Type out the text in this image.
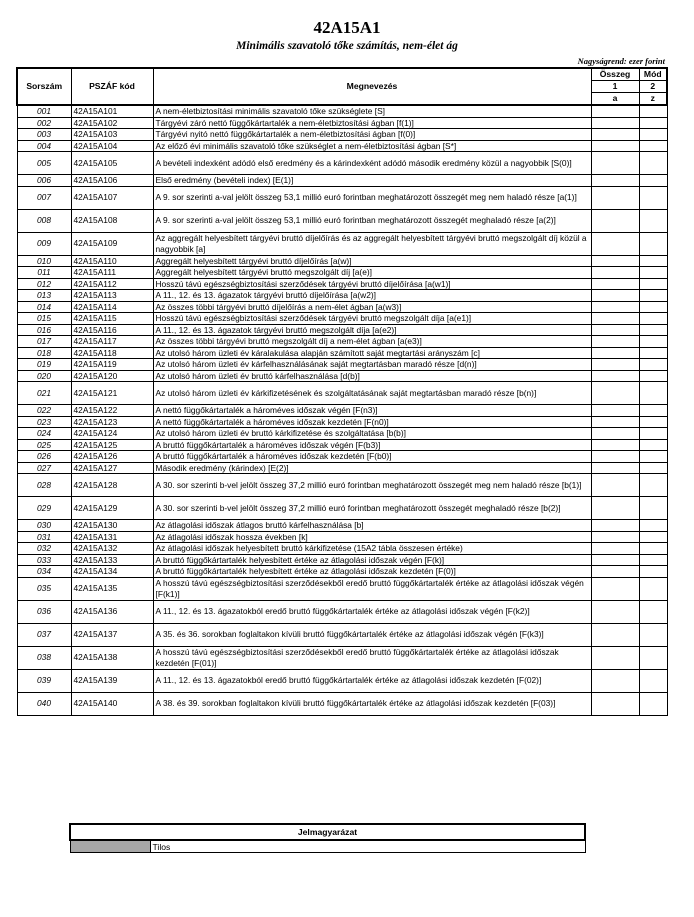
42A15A1
Minimális szavatoló tőke számítás, nem-élet ág
Nagyságrend: ezer forint
Sorszám	PSZÁF kód	Megnevezés	Összeg	Mód
			1	2
			a	z
001	42A15A101	A nem-életbiztosítási minimális szavatoló tőke szükséglete [S]		
002	42A15A102	Tárgyévi záró nettó függőkártartalék a nem-életbiztosítási ágban [f(1)]		
003	42A15A103	Tárgyévi nyitó nettó függőkártartalék a nem-életbiztosítási ágban [f(0)]		
004	42A15A104	Az előző évi minimális szavatoló tőke szükséglet a nem-életbiztosítási ágban [S*]		
005	42A15A105	A bevételi indexként adódó első eredmény és a kárindexként adódó második eredmény közül a nagyobbik [S(0)]		
006	42A15A106	Első eredmény (bevételi index) [E(1)]		
007	42A15A107	A 9. sor szerinti a-val jelölt összeg 53,1 millió euró forintban meghatározott összegét meg nem haladó része [a(1)]		
008	42A15A108	A 9. sor szerinti a-val jelölt összeg 53,1 millió euró forintban meghatározott összegét meghaladó része [a(2)]		
009	42A15A109	Az aggregált helyesbített tárgyévi bruttó díjelőírás és az aggregált helyesbített tárgyévi bruttó megszolgált díj közül a nagyobbik [a]		
010	42A15A110	Aggregált helyesbített tárgyévi bruttó díjelőírás [a(w)]		
011	42A15A111	Aggregált helyesbített tárgyévi bruttó megszolgált díj [a(e)]		
012	42A15A112	Hosszú távú egészségbiztosítási szerződések tárgyévi bruttó díjelőírása [a(w1)]		
013	42A15A113	A 11., 12. és 13. ágazatok tárgyévi bruttó díjelőírása [a(w2)]		
014	42A15A114	Az összes többi tárgyévi bruttó díjelőírás a nem-élet ágban [a(w3)]		
015	42A15A115	Hosszú távú egészségbiztosítási szerződések tárgyévi bruttó megszolgált díja [a(e1)]		
016	42A15A116	A 11., 12. és 13. ágazatok tárgyévi bruttó megszolgált díja [a(e2)]		
017	42A15A117	Az összes többi tárgyévi bruttó megszolgált díj a nem-élet ágban [a(e3)]		
018	42A15A118	Az utolsó három üzleti év káralakulása alapján számított saját megtartási arányszám [c]		
019	42A15A119	Az utolsó három üzleti év kárfelhasználásának saját megtartásban maradó része [d(n)]		
020	42A15A120	Az utolsó három üzleti év bruttó kárfelhasználása [d(b)]		
021	42A15A121	Az utolsó három üzleti év kárkifizetésének és szolgáltatásának saját megtartásban maradó része [b(n)]		
022	42A15A122	A nettó függőkártartalék a hároméves időszak végén [F(n3)]		
023	42A15A123	A nettó függőkártartalék a hároméves időszak kezdetén [F(n0)]		
024	42A15A124	Az utolsó három üzleti év bruttó kárkifizetése és szolgáltatása [b(b)]		
025	42A15A125	A bruttó függőkártartalék a hároméves időszak végén [F(b3)]		
026	42A15A126	A bruttó függőkártartalék a hároméves időszak kezdetén [F(b0)]		
027	42A15A127	Második eredmény (kárindex) [E(2)]		
028	42A15A128	A 30. sor szerinti b-vel jelölt összeg 37,2 millió euró forintban meghatározott összegét meg nem haladó része [b(1)]		
029	42A15A129	A 30. sor szerinti b-vel jelölt összeg 37,2 millió euró forintban meghatározott összegét meghaladó része [b(2)]		
030	42A15A130	Az átlagolási időszak átlagos bruttó kárfelhasználása [b]		
031	42A15A131	Az átlagolási időszak hossza években [k]		
032	42A15A132	Az átlagolási időszak helyesbített bruttó kárkifizetése (15A2 tábla összesen értéke)		
033	42A15A133	A bruttó függőkártartalék helyesbített értéke az átlagolási időszak végén [F(k)]		
034	42A15A134	A bruttó függőkártartalék helyesbített értéke az átlagolási időszak kezdetén [F(0)]		
035	42A15A135	A hosszú távú egészségbiztosítási szerződésekből eredő bruttó függőkártartalék értéke az átlagolási időszak végén [F(k1)]		
036	42A15A136	A 11., 12. és 13. ágazatokból eredő bruttó függőkártartalék értéke az átlagolási időszak végén [F(k2)]		
037	42A15A137	A 35. és 36. sorokban foglaltakon kívüli bruttó függőkártartalék értéke az átlagolási időszak végén [F(k3)]		
038	42A15A138	A hosszú távú egészségbiztosítási szerződésekből eredő bruttó függőkártartalék értéke az átlagolási időszak kezdetén [F(01)]		
039	42A15A139	A 11., 12. és 13. ágazatokból eredő bruttó függőkártartalék értéke az átlagolási időszak kezdetén [F(02)]		
040	42A15A140	A 38. és 39. sorokban foglaltakon kívüli bruttó függőkártartalék értéke az átlagolási időszak kezdetén [F(03)]		
Jelmagyarázat
	Tilos
